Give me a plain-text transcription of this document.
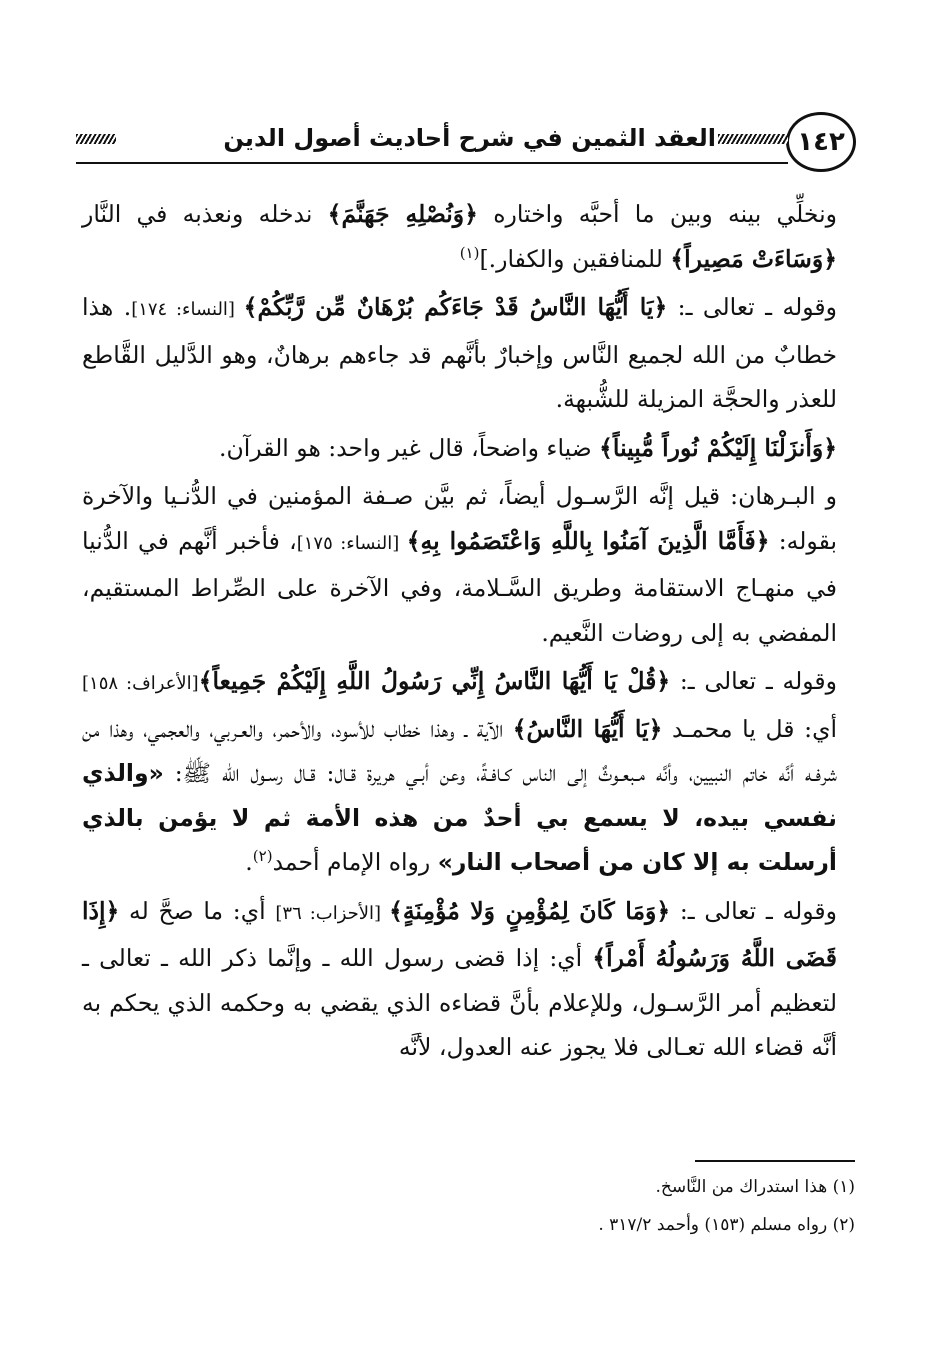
١٤٢
العقد الثمين في شرح أحاديث أصول الدين

ونخلِّي بينه وبين ما أحبَّه واختاره ﴿وَنُصْلِهِ جَهَنَّمَ﴾ ندخله ونعذبه في النَّار ﴿وَسَاءَتْ مَصِيراً﴾ للمنافقين والكفار.]$^{(١)}$

وقوله ـ تعالى ـ: ﴿يَا أَيُّهَا النَّاسُ قَدْ جَاءَكُم بُرْهَانٌ مِّن رَّبِّكُمْ﴾ [النساء: ١٧٤]. هذا خطابٌ من الله لجميع النَّاس وإخبارٌ بأنَّهم قد جاءهم برهانٌ، وهو الدَّليل القَّاطع للعذر والحجَّة المزيلة للشُّبهة.

﴿وَأَنزَلْنَا إِلَيْكُمْ نُوراً مُّبِيناً﴾ ضياء واضحاً، قال غير واحد: هو القرآن.

و البـرهان: قيل إنَّه الرَّسـول أيضاً، ثم بيَّن صـفة المؤمنين في الدُّنـيا والآخرة بقوله: ﴿فَأَمَّا الَّذِينَ آمَنُوا بِاللَّهِ وَاعْتَصَمُوا بِهِ﴾ [النساء: ١٧٥]، فأخبر أنَّهم في الدُّنيا في منهـاج الاستقامة وطريق السَّـلامة، وفي الآخرة على الصِّراط المستقيم، المفضي به إلى روضات النَّعيم.

وقوله ـ تعالى ـ: ﴿قُلْ يَا أَيُّهَا النَّاسُ إِنِّي رَسُولُ اللَّهِ إِلَيْكُمْ جَمِيعاً﴾[الأعراف: ١٥٨] أي: قل يا محمـد ﴿يَا أَيُّهَا النَّاسُ﴾ الآية ـ وهذا خطاب للأسود، والأحمر، والعـربي، والعجمي، وهذا من شرفـه أنَّه خاتم النبيين، وأنَّه مـبعـوثٌ إلى الناس كـافـةً، وعن أبـي هريرة قـال: قـال رسـول الله ﷺ: «والذي نفسي بيده، لا يسمع بي أحدٌ من هذه الأمة ثم لا يؤمن بالذي أرسلت به إلا كان من أصحاب النار» رواه الإمام أحمد$^{(٢)}$.

وقوله ـ تعالى ـ: ﴿وَمَا كَانَ لِمُؤْمِنٍ وَلا مُؤْمِنَةٍ﴾ [الأحزاب: ٣٦] أي: ما صحَّ له ﴿إِذَا قَضَى اللَّهُ وَرَسُولُهُ أَمْراً﴾ أي: إذا قضى رسول الله ـ وإنَّما ذكر الله ـ تعالى ـ لتعظيم أمر الرَّسـول، وللإعلام بأنَّ قضاءه الذي يقضي به وحكمه الذي يحكم به أنَّه قضاء الله تعـالى فلا يجوز عنه العدول، لأنَّه

(١) هذا استدراك من النَّاسخ.
(٢) رواه مسلم (١٥٣) وأحمد ٣١٧/٢ .
